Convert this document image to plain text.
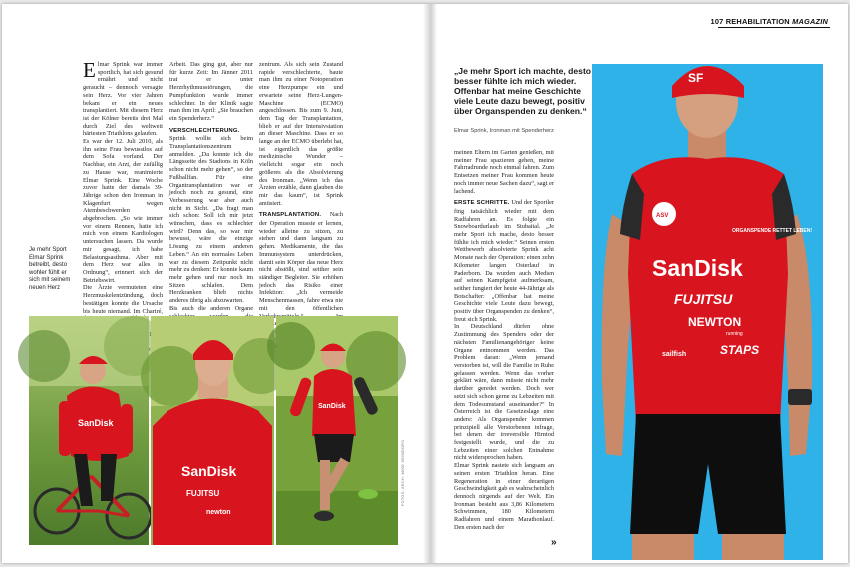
107 REHABILITATION MAGAZIN

Elmar Sprink war immer sportlich, hat sich gesund ernährt und nicht geraucht – dennoch versagte sein Herz. Vor vier Jahren bekam er ein neues transplantiert. Mit diesem Herz ist der Kölner bereits drei Mal durch Ziel des weltweit härtesten Triathlons gelaufen.

Es war der 12. Juli 2010, als ihn seine Frau bewusstlos auf dem Sofa vorfand. Der Nachbar, ein Arzt, der zufällig zu Hause war, reanimierte Elmar Sprink. Eine Woche zuvor hatte der damals 39-Jährige schon den Ironman in Klagenfurt wegen Atembeschwerden abgebrochen. „So wie immer vor einem Rennen, hatte ich mich von einem Kardiologen untersuchen lassen. Da wurde mir gesagt, ich habe Belastungsasthma. Aber mit dem Herz war alles in Ordnung“, erinnert sich der Betriebswirt.

Die Ärzte vermuteten eine Herzmuskelentzündung, doch bestätigen konnte die Ursache bis heute niemand. Im Chariré,

Arbeit. Das ging gut, aber nur für kurze Zeit: Im Jänner 2011 trat er unter Herzrhythmusstörungen, die Pumpfunktion wurde immer schlechter. In der Klinik sagte man ihm im April: „Sie brauchen ein Spenderherz.“

VERSCHLECHTERUNG. Sprink wollte sich beim Transplantationszentrum anmelden. „Da konnte ich die Längsseite des Stadions in Köln schon nicht mehr gehen“, so der Fußballfan. Für eine Organtransplantation war er jedoch noch zu gesund, eine Verbesserung war aber auch nicht in Sicht. „Da fragt man sich schon: Soll ich mir jetzt wünschen, dass es schlechter wird? Denn das, so war mir bewusst, wäre die einzige Lösung zu einem anderen Leben.“ An ein normales Leben war zu diesem Zeitpunkt nicht mehr zu denken: Er konnte kaum mehr gehen und nur noch im Sitzen schlafen. Dem Herzkranken blieb nichts anderes übrig als abzuwarten.

Bis auch die anderen Organe

zentrum. Als sich sein Zustand rapide verschlechterte, baute man ihm zu einer Notoperation eine Herzpumpe ein und erwartete seine Herz-Lungen-Maschine (ECMO) angeschlossen. Bis zum 9. Juni, dem Tag der Transplantation, blieb er auf der Intensivstation an dieser Maschine. Dass er so lange an der ECMO überlebt hat, ist eigentlich das größte medizinische Wunder – vielleicht sogar ein noch größeres als die Absolvierung des Ironman. „Wenn ich das Ärzten erzähle, dann glauben die mir das kaum“, ist Sprink amüsiert.

TRANSPLANTATION. Nach der Operation musste er lernen, wieder alleine zu sitzen, zu stehen und dann langsam zu gehen. Medikamente, die das Immunsystem unterdrücken, damit sein Körper das neue Herz nicht abstößt, sind seither sein ständiger Begleiter. Sie erhöhen jedoch das Risiko einer Infektion: „Ich vermeide Menschenmassen, fahre etwa nie mit den öffentlichen Krankenhaus

Je mehr Sport Elmar Sprink betreibt, desto wohler fühlt er sich mit seinem neuen Herz
SanDisk
SanDisk
FUJITSU
newton
SanDisk
FOTOS: ARCH. MIKE SEIMDORS
„Je mehr Sport ich machte, desto besser fühlte ich mich wieder. Offenbar hat meine Geschichte viele Leute dazu bewegt, positiv über Organspenden zu denken.“
Elmar Sprink, Ironman mit Spenderherz

meinen Eltern im Garten genießen, mit meiner Frau spazieren gehen, meine Fahrradrunde noch einmal fahren. Zum Entsetzen meiner Frau kommen heute noch immer neue Sachen dazu“, sagt er lachend.

ERSTE SCHRITTE. Und der Sportler fing tatsächlich wieder mit dem Radfahren an. Es folgte ein Snowboardurlaub im Stubaital. „Je mehr Sport ich mache, desto besser fühlte ich mich wieder.“ Seinen ersten Wettbewerb absolvierte Sprink acht Monate nach der Operation: einen zehn Kilometer langen Osterlauf in Paderborn. Da wurden auch Medien auf seinen Kampfgeist aufmerksam, seither fungiert der heute 44-Jährige als Botschafter: „Offenbar hat meine Geschichte viele Leute dazu bewegt, positiv über Organspenden zu denken“, freut sich Sprink.

In Deutschland dürfen ohne Zustimmung des Spenders oder der nächsten Familienangehöriger keine Organe entnommen werden. Das Problem daran: „Wenn jemand verstorben ist, will die Familie in Ruhe gelassen werden. Wenn das vorher geklärt wäre, dann müsste nicht mehr darüber geredet werden. Doch wer setzt sich schon gerne zu Lebzeiten mit dem Todesumstand auseinander?“ In Österreich ist die Gesetzeslage eine andere: Als Organspender kommen prinzipiell alle Verstorbenen infrage, bei denen der irreversible Hirntod festgestellt wurde, und die zu Lebzeiten einer solchen Entnahme nicht widersprochen haben.

Elmar Sprink nastete sich langsam an seinen ersten Triathlon heran. Eine Regeneration in einer derartigen Geschwindigkeit gab es wahrscheinlich dennoch nirgends auf der Welt. Ein Ironman besteht aus 3,86 Kilometern Schwimmen, 180 Kilometern Radfahren und einem Marathonlauf. Den ersten nach der

»
SF
ASV
ORGANSPENDE RETTET LEBEN!
SanDisk
FUJITSU
NEWTON
running
sailfish	STAPS
